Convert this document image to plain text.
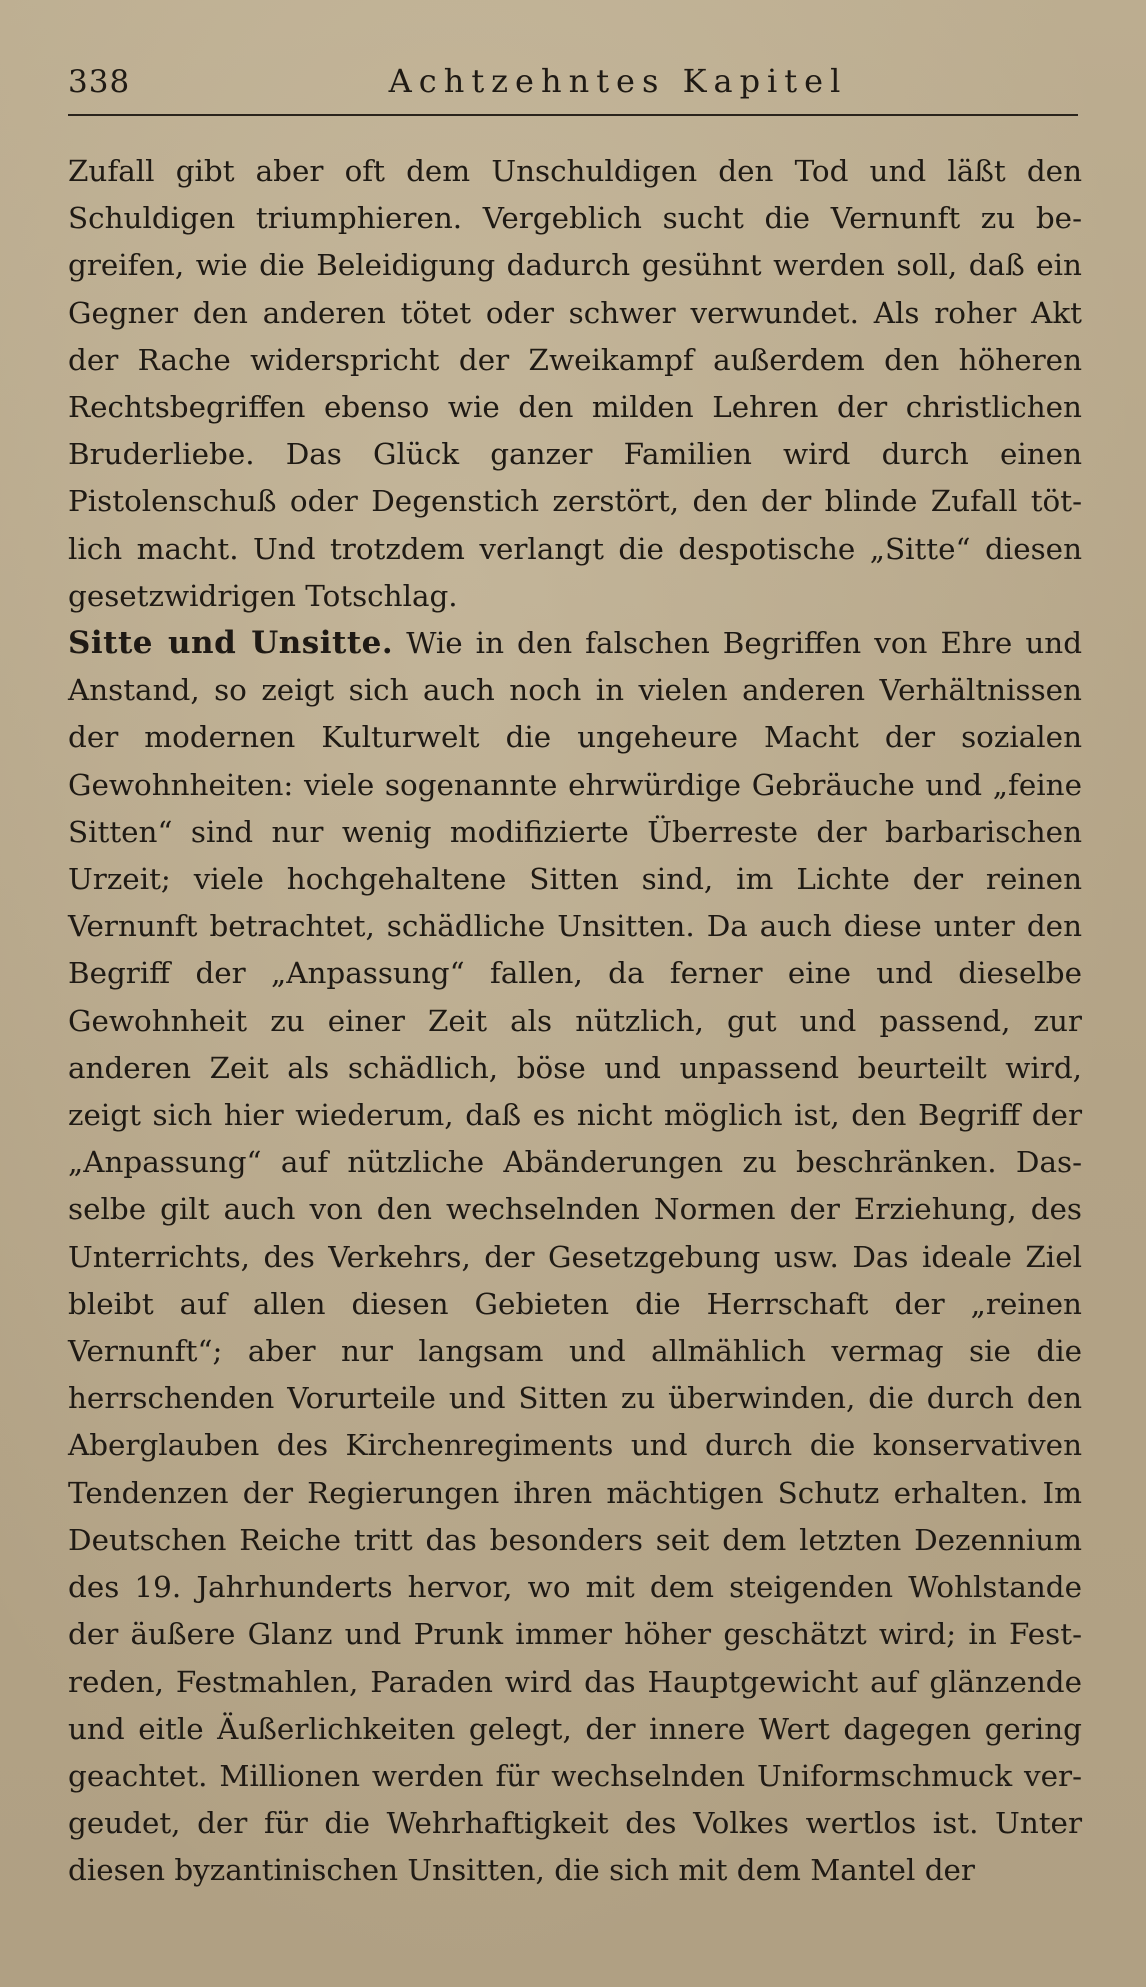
338	Achtzehntes Kapitel

Zufall gibt aber oft dem Unschuldigen den Tod und läßt den Schuldigen triumphieren. Vergeblich sucht die Vernunft zu begreifen, wie die Beleidigung dadurch gesühnt werden soll, daß ein Gegner den anderen tötet oder schwer verwundet. Als roher Akt der Rache widerspricht der Zweikampf außerdem den höheren Rechtsbegriffen ebenso wie den milden Lehren der christlichen Bruderliebe. Das Glück ganzer Familien wird durch einen Pistolenschuß oder Degenstich zerstört, den der blinde Zufall tötlich macht. Und trotzdem verlangt die despotische „Sitte“ diesen gesetzwidrigen Totschlag.

Sitte und Unsitte. Wie in den falschen Begriffen von Ehre und Anstand, so zeigt sich auch noch in vielen anderen Verhältnissen der modernen Kulturwelt die ungeheure Macht der sozialen Gewohnheiten: viele sogenannte ehrwürdige Gebräuche und „feine Sitten“ sind nur wenig modifizierte Überreste der barbarischen Urzeit; viele hochgehaltene Sitten sind, im Lichte der reinen Vernunft betrachtet, schädliche Unsitten. Da auch diese unter den Begriff der „Anpassung“ fallen, da ferner eine und dieselbe Gewohnheit zu einer Zeit als nützlich, gut und passend, zur anderen Zeit als schädlich, böse und unpassend beurteilt wird, zeigt sich hier wiederum, daß es nicht möglich ist, den Begriff der „Anpassung“ auf nützliche Abänderungen zu beschränken. Dasselbe gilt auch von den wechselnden Normen der Erziehung, des Unterrichts, des Verkehrs, der Gesetzgebung usw. Das ideale Ziel bleibt auf allen diesen Gebieten die Herrschaft der „reinen Vernunft“; aber nur langsam und allmählich vermag sie die herrschenden Vorurteile und Sitten zu überwinden, die durch den Aberglauben des Kirchenregiments und durch die konservativen Tendenzen der Regierungen ihren mächtigen Schutz erhalten. Im Deutschen Reiche tritt das besonders seit dem letzten Dezennium des 19. Jahrhunderts hervor, wo mit dem steigenden Wohlstande der äußere Glanz und Prunk immer höher geschätzt wird; in Festreden, Festmahlen, Paraden wird das Hauptgewicht auf glänzende und eitle Äußerlichkeiten gelegt, der innere Wert dagegen gering geachtet. Millionen werden für wechselnden Uniformschmuck vergeudet, der für die Wehrhaftigkeit des Volkes wertlos ist. Unter diesen byzantinischen Unsitten, die sich mit dem Mantel der
